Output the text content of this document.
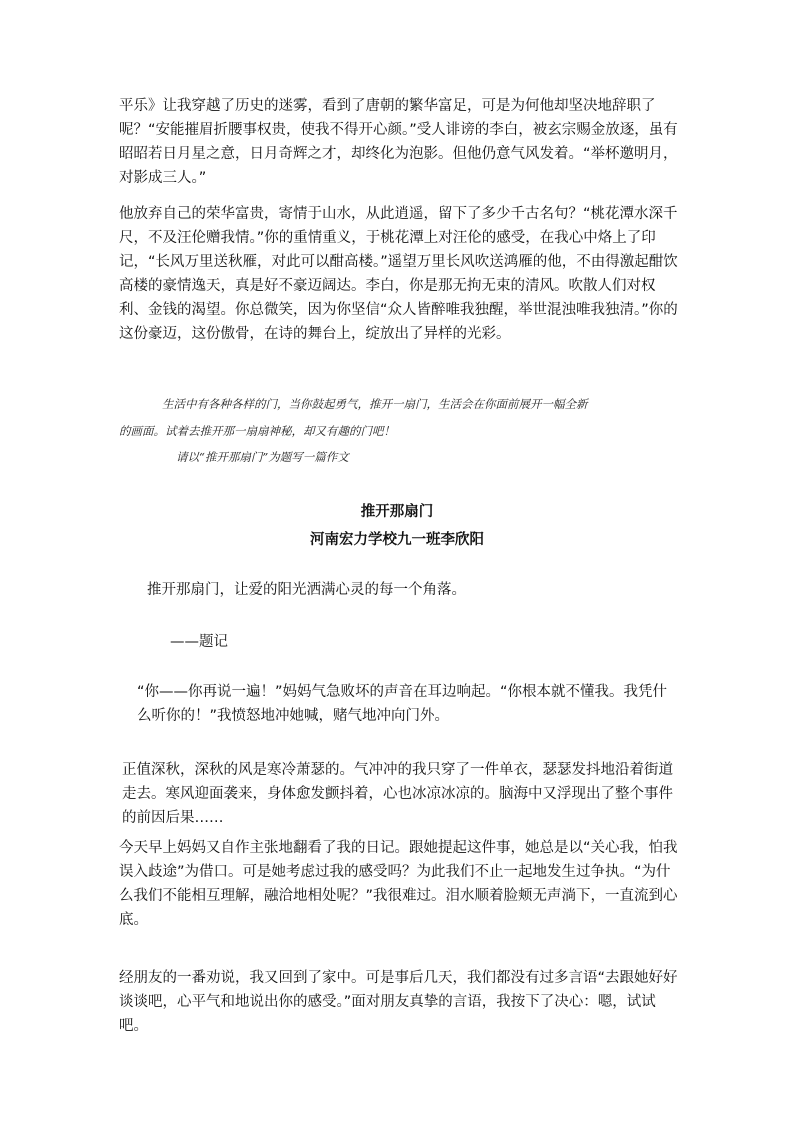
平乐》让我穿越了历史的迷雾，看到了唐朝的繁华富足，可是为何他却坚决地辞职了呢？“安能摧眉折腰事权贵，使我不得开心颜。”受人诽谤的李白，被玄宗赐金放逐，虽有昭昭若日月星之意，日月奇辉之才，却终化为泡影。但他仍意气风发着。“举杯邀明月，对影成三人。”

他放弃自己的荣华富贵，寄情于山水，从此逍遥，留下了多少千古名句？“桃花潭水深千尺，不及汪伦赠我情。”你的重情重义，于桃花潭上对汪伦的感受，在我心中烙上了印记，“长风万里送秋雁，对此可以酣高楼。”遥望万里长风吹送鸿雁的他，不由得激起酣饮高楼的豪情逸天，真是好不豪迈阔达。李白，你是那无拘无束的清风。吹散人们对权利、金钱的渴望。你总微笑，因为你坚信“众人皆醉唯我独醒，举世混浊唯我独清。”你的这份豪迈，这份傲骨，在诗的舞台上，绽放出了异样的光彩。

生活中有各种各样的门，当你鼓起勇气，推开一扇门，生活会在你面前展开一幅全新

的画面。试着去推开那一扇扇神秘，却又有趣的门吧！

请以“推开那扇门”为题写一篇作文

推开那扇门

河南宏力学校九一班李欣阳

推开那扇门，让爱的阳光洒满心灵的每一个角落。

——题记

“你——你再说一遍！”妈妈气急败坏的声音在耳边响起。“你根本就不懂我。我凭什么听你的！”我愤怒地冲她喊，赌气地冲向门外。

正值深秋，深秋的风是寒冷萧瑟的。气冲冲的我只穿了一件单衣，瑟瑟发抖地沿着街道走去。寒风迎面袭来，身体愈发颤抖着，心也冰凉冰凉的。脑海中又浮现出了整个事件的前因后果……

今天早上妈妈又自作主张地翻看了我的日记。跟她提起这件事，她总是以“关心我，怕我误入歧途”为借口。可是她考虑过我的感受吗？为此我们不止一起地发生过争执。“为什么我们不能相互理解，融洽地相处呢？”我很难过。泪水顺着脸颊无声淌下，一直流到心底。

经朋友的一番劝说，我又回到了家中。可是事后几天，我们都没有过多言语“去跟她好好谈谈吧，心平气和地说出你的感受。”面对朋友真挚的言语，我按下了决心：嗯，试试吧。
